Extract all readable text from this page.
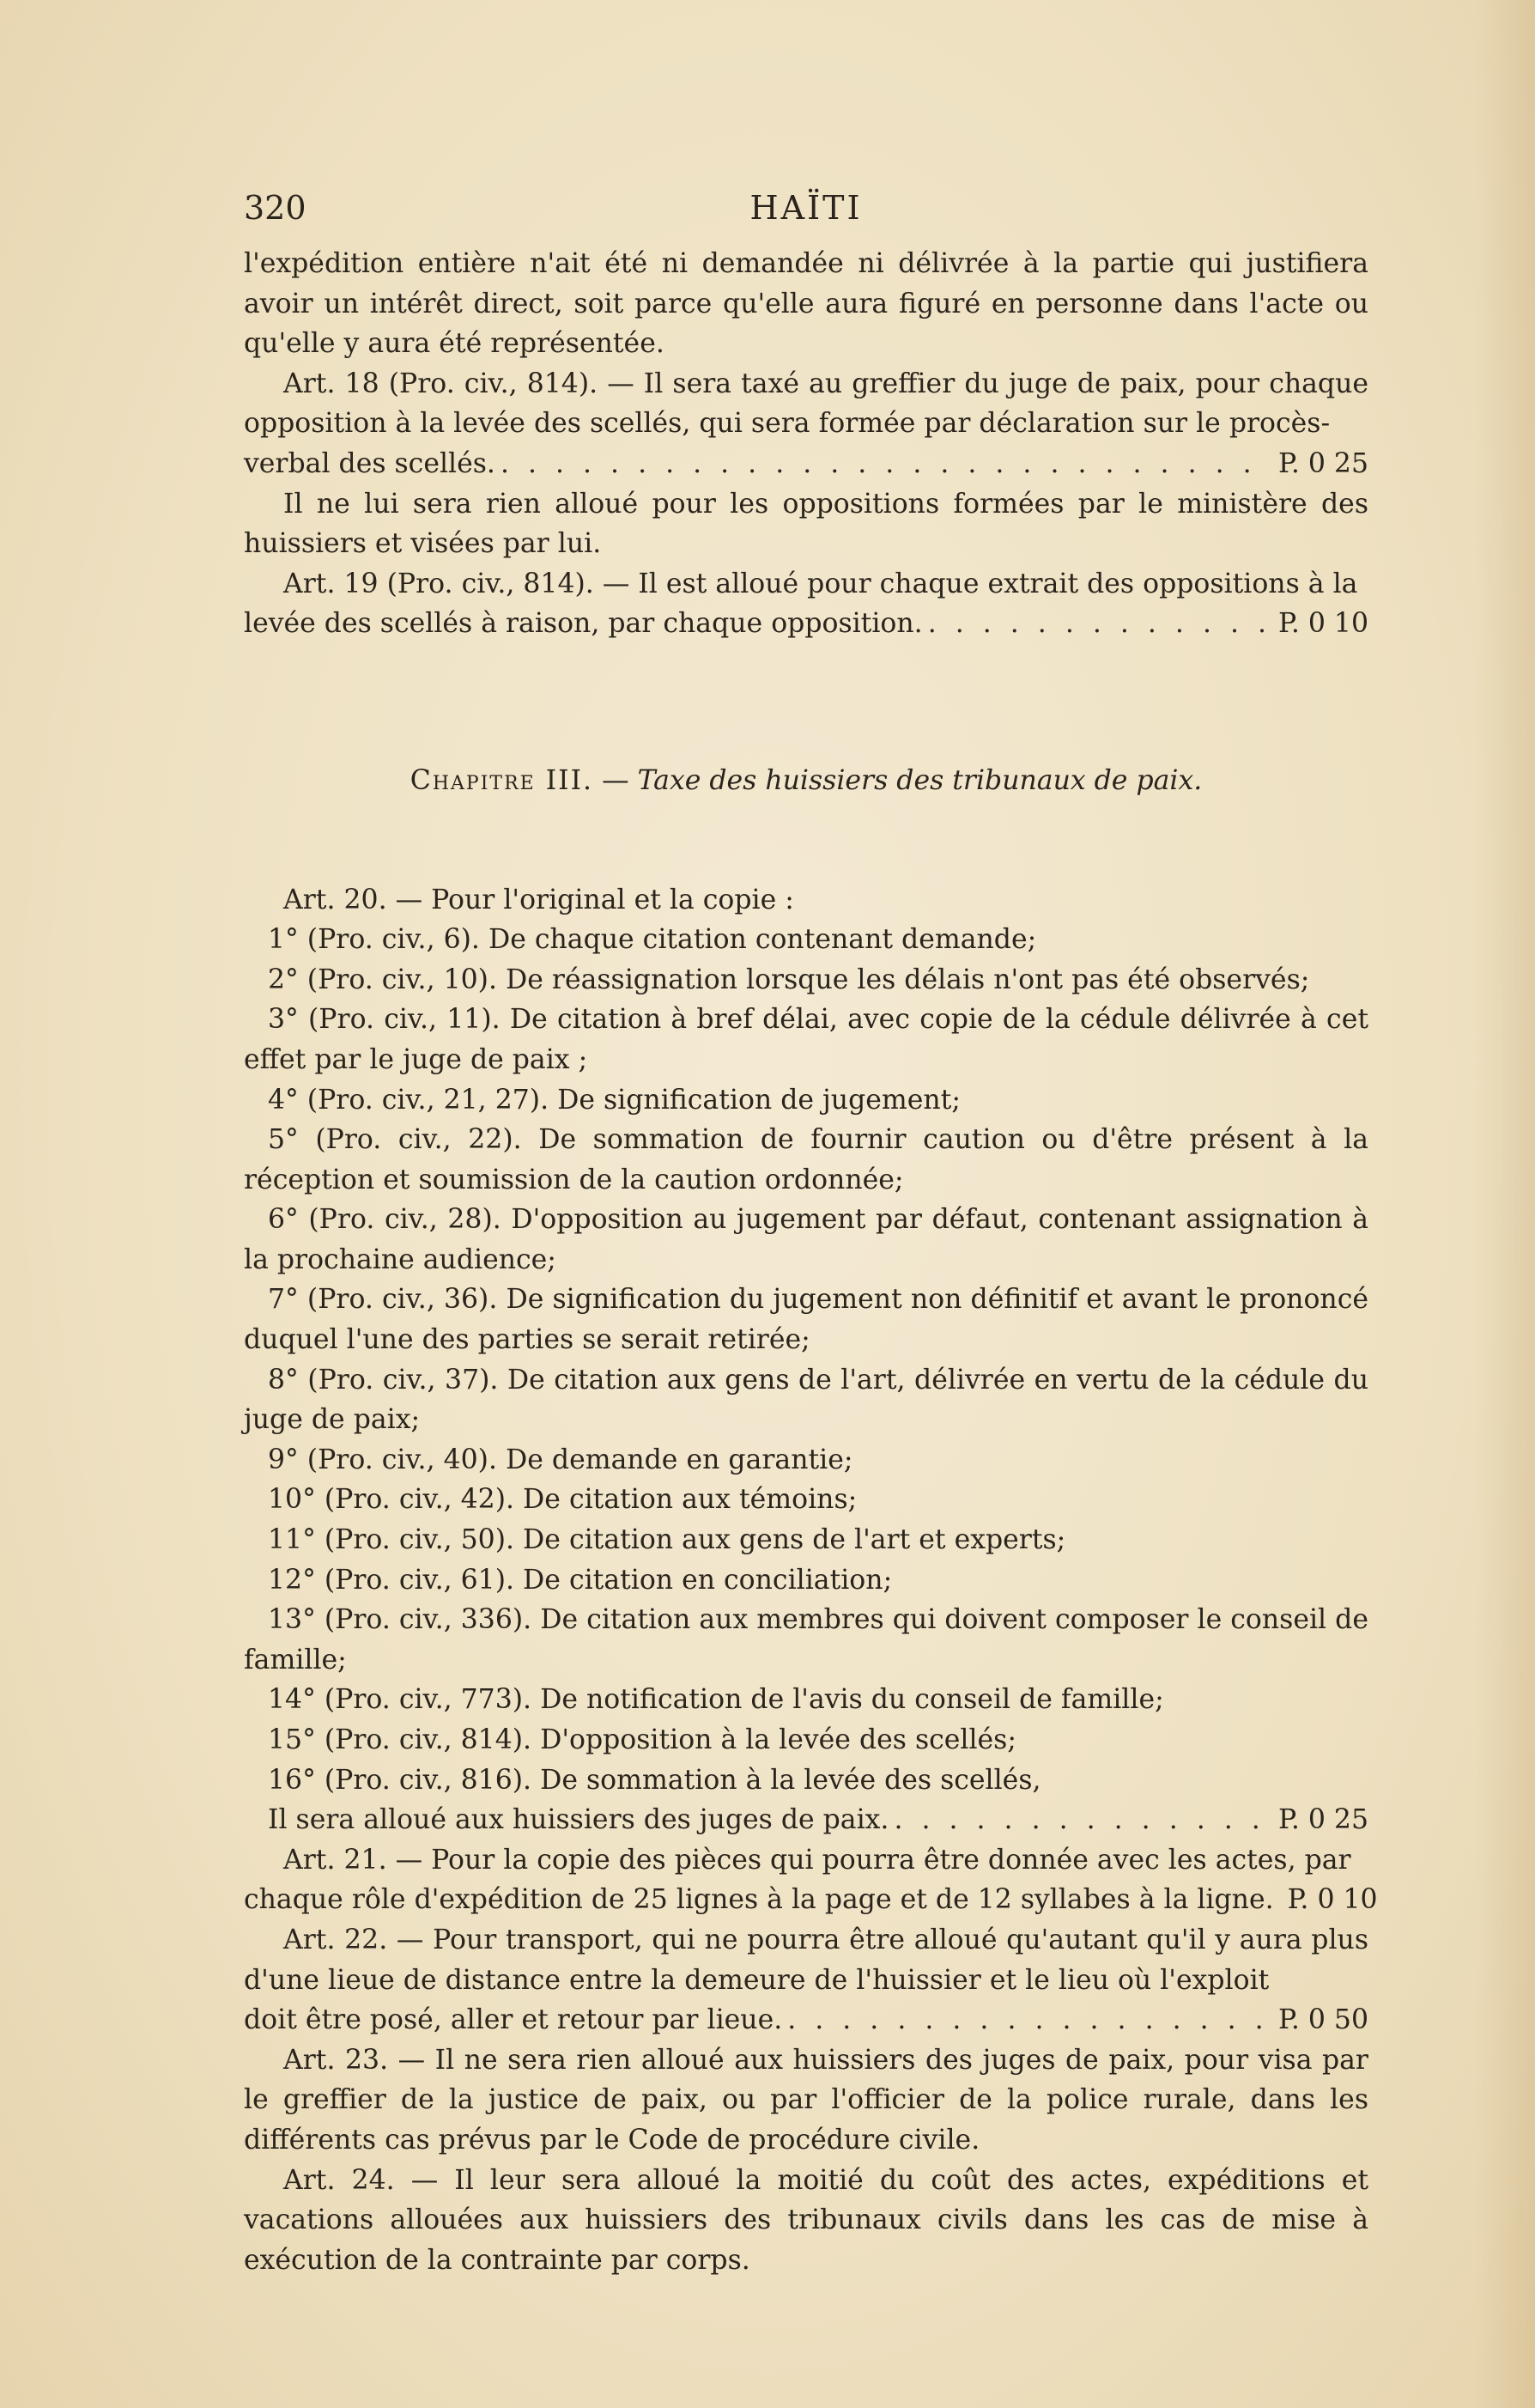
320	HAÏTI

l'expédition entière n'ait été ni demandée ni délivrée à la partie qui justifiera avoir un intérêt direct, soit parce qu'elle aura figuré en personne dans l'acte ou qu'elle y aura été représentée.

Art. 18 (Pro. civ., 814). — Il sera taxé au greffier du juge de paix, pour chaque opposition à la levée des scellés, qui sera formée par déclaration sur le procès-

verbal des scellés. . . .	P. 0 25

Il ne lui sera rien alloué pour les oppositions formées par le ministère des huissiers et visées par lui.

Art. 19 (Pro. civ., 814). — Il est alloué pour chaque extrait des oppositions à la

levée des scellés à raison, par chaque opposition. . . .	P. 0 10
Chapitre III. — Taxe des huissiers des tribunaux de paix.

Art. 20. — Pour l'original et la copie :

1° (Pro. civ., 6). De chaque citation contenant demande;

2° (Pro. civ., 10). De réassignation lorsque les délais n'ont pas été observés;

3° (Pro. civ., 11). De citation à bref délai, avec copie de la cédule délivrée à cet effet par le juge de paix ;

4° (Pro. civ., 21, 27). De signification de jugement;

5° (Pro. civ., 22). De sommation de fournir caution ou d'être présent à la réception et soumission de la caution ordonnée;

6° (Pro. civ., 28). D'opposition au jugement par défaut, contenant assignation à la prochaine audience;

7° (Pro. civ., 36). De signification du jugement non définitif et avant le prononcé duquel l'une des parties se serait retirée;

8° (Pro. civ., 37). De citation aux gens de l'art, délivrée en vertu de la cédule du juge de paix;

9° (Pro. civ., 40). De demande en garantie;

10° (Pro. civ., 42). De citation aux témoins;

11° (Pro. civ., 50). De citation aux gens de l'art et experts;

12° (Pro. civ., 61). De citation en conciliation;

13° (Pro. civ., 336). De citation aux membres qui doivent composer le conseil de famille;

14° (Pro. civ., 773). De notification de l'avis du conseil de famille;

15° (Pro. civ., 814). D'opposition à la levée des scellés;

16° (Pro. civ., 816). De sommation à la levée des scellés,

Il sera alloué aux huissiers des juges de paix. . . .	P. 0 25

Art. 21. — Pour la copie des pièces qui pourra être donnée avec les actes, par

chaque rôle d'expédition de 25 lignes à la page et de 12 syllabes à la ligne. . . . P. 0 10

Art. 22. — Pour transport, qui ne pourra être alloué qu'autant qu'il y aura plus d'une lieue de distance entre la demeure de l'huissier et le lieu où l'exploit

doit être posé, aller et retour par lieue. . . .	P. 0 50

Art. 23. — Il ne sera rien alloué aux huissiers des juges de paix, pour visa par le greffier de la justice de paix, ou par l'officier de la police rurale, dans les différents cas prévus par le Code de procédure civile.

Art. 24. — Il leur sera alloué la moitié du coût des actes, expéditions et vacations allouées aux huissiers des tribunaux civils dans les cas de mise à exécution de la contrainte par corps.
